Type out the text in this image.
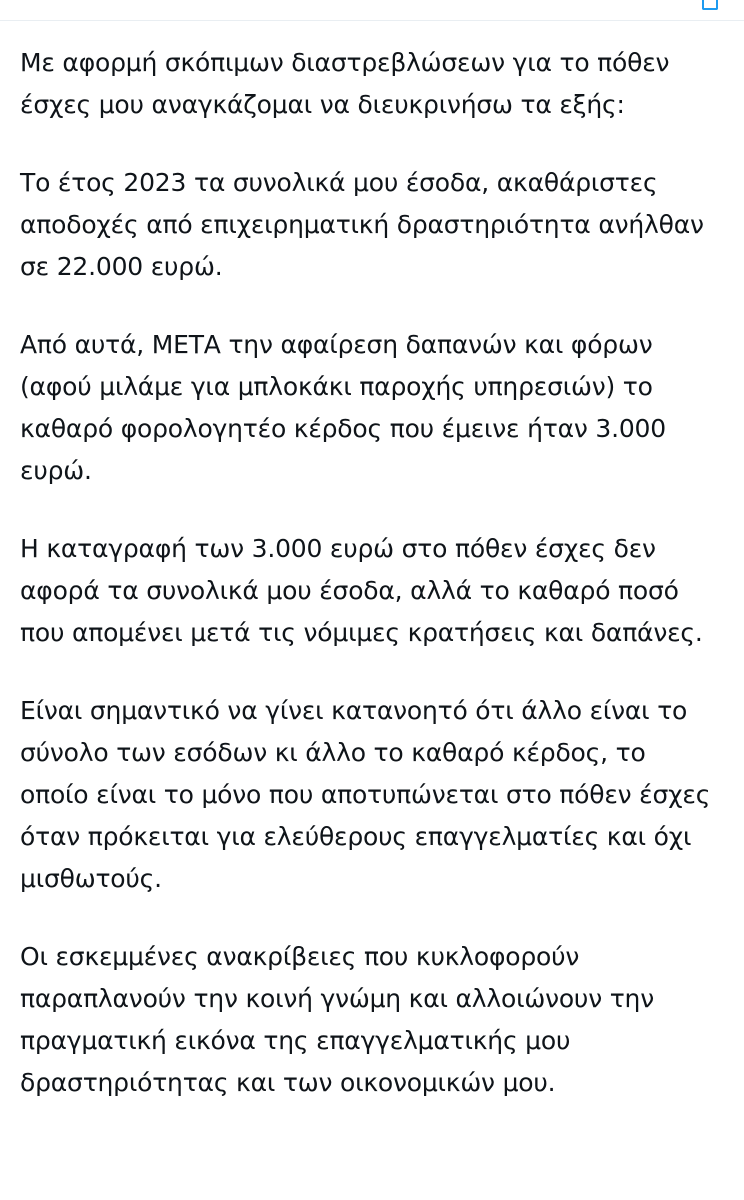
Με αφορμή σκόπιμων διαστρεβλώσεων για το πόθεν έσχες μου αναγκάζομαι να διευκρινήσω τα εξής:

Το έτος 2023 τα συνολικά μου έσοδα, ακαθάριστες αποδοχές από επιχειρηματική δραστηριότητα ανήλθαν σε 22.000 ευρώ.

Από αυτά, ΜΕΤΑ την αφαίρεση δαπανών και φόρων (αφού μιλάμε για μπλοκάκι παροχής υπηρεσιών) το καθαρό φορολογητέο κέρδος που έμεινε ήταν 3.000 ευρώ.

Η καταγραφή των 3.000 ευρώ στο πόθεν έσχες δεν αφορά τα συνολικά μου έσοδα, αλλά το καθαρό ποσό που απομένει μετά τις νόμιμες κρατήσεις και δαπάνες.

Είναι σημαντικό να γίνει κατανοητό ότι άλλο είναι το σύνολο των εσόδων κι άλλο το καθαρό κέρδος, το οποίο είναι το μόνο που αποτυπώνεται στο πόθεν έσχες όταν πρόκειται για ελεύθερους επαγγελματίες και όχι μισθωτούς.

Οι εσκεμμένες ανακρίβειες που κυκλοφορούν παραπλανούν την κοινή γνώμη και αλλοιώνουν την πραγματική εικόνα της επαγγελματικής μου δραστηριότητας και των οικονομικών μου.
